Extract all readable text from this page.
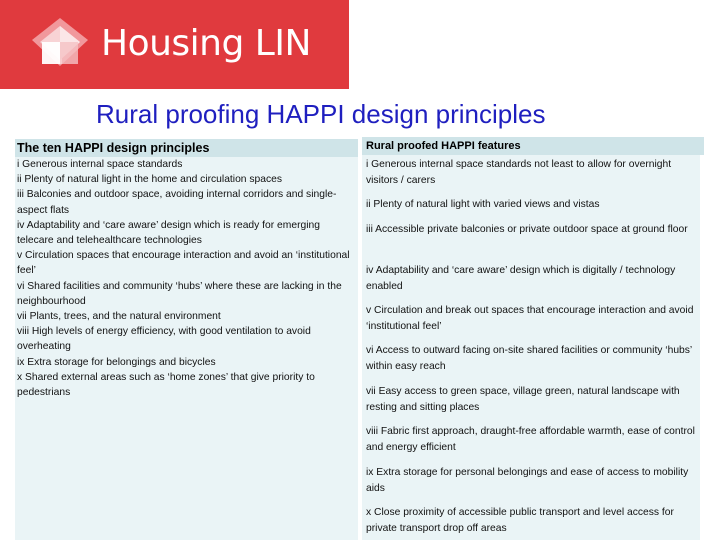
Housing LIN
Rural proofing HAPPI design principles
The ten HAPPI design principles	Rural proofed HAPPI features
i Generous internal space standards
ii Plenty of natural light in the home and circulation spaces
iii Balconies and outdoor space, avoiding internal corridors and single-aspect flats
iv Adaptability and ‘care aware’ design which is ready for emerging telecare and telehealthcare technologies
v Circulation spaces that encourage interaction and avoid an ‘institutional feel’
vi Shared facilities and community ‘hubs’ where these are lacking in the neighbourhood
vii Plants, trees, and the natural environment
viii High levels of energy efficiency, with good ventilation to avoid overheating
ix Extra storage for belongings and bicycles
x Shared external areas such as ‘home zones’ that give priority to pedestrians
i Generous internal space standards not least to allow for overnight visitors / carers
ii Plenty of natural light with varied views and vistas
iii Accessible private balconies or private outdoor space at ground floor
iv Adaptability and ‘care aware’ design which is digitally / technology enabled
v Circulation and break out spaces that encourage interaction and avoid ‘institutional feel’
vi Access to outward facing on-site shared facilities or community ‘hubs’ within easy reach
vii Easy access to green space, village green, natural landscape with resting and sitting places
viii Fabric first approach, draught-free affordable warmth, ease of control and energy efficient
ix Extra storage for personal belongings and ease of access to mobility aids
x Close proximity of accessible public transport and level access for private transport drop off areas
